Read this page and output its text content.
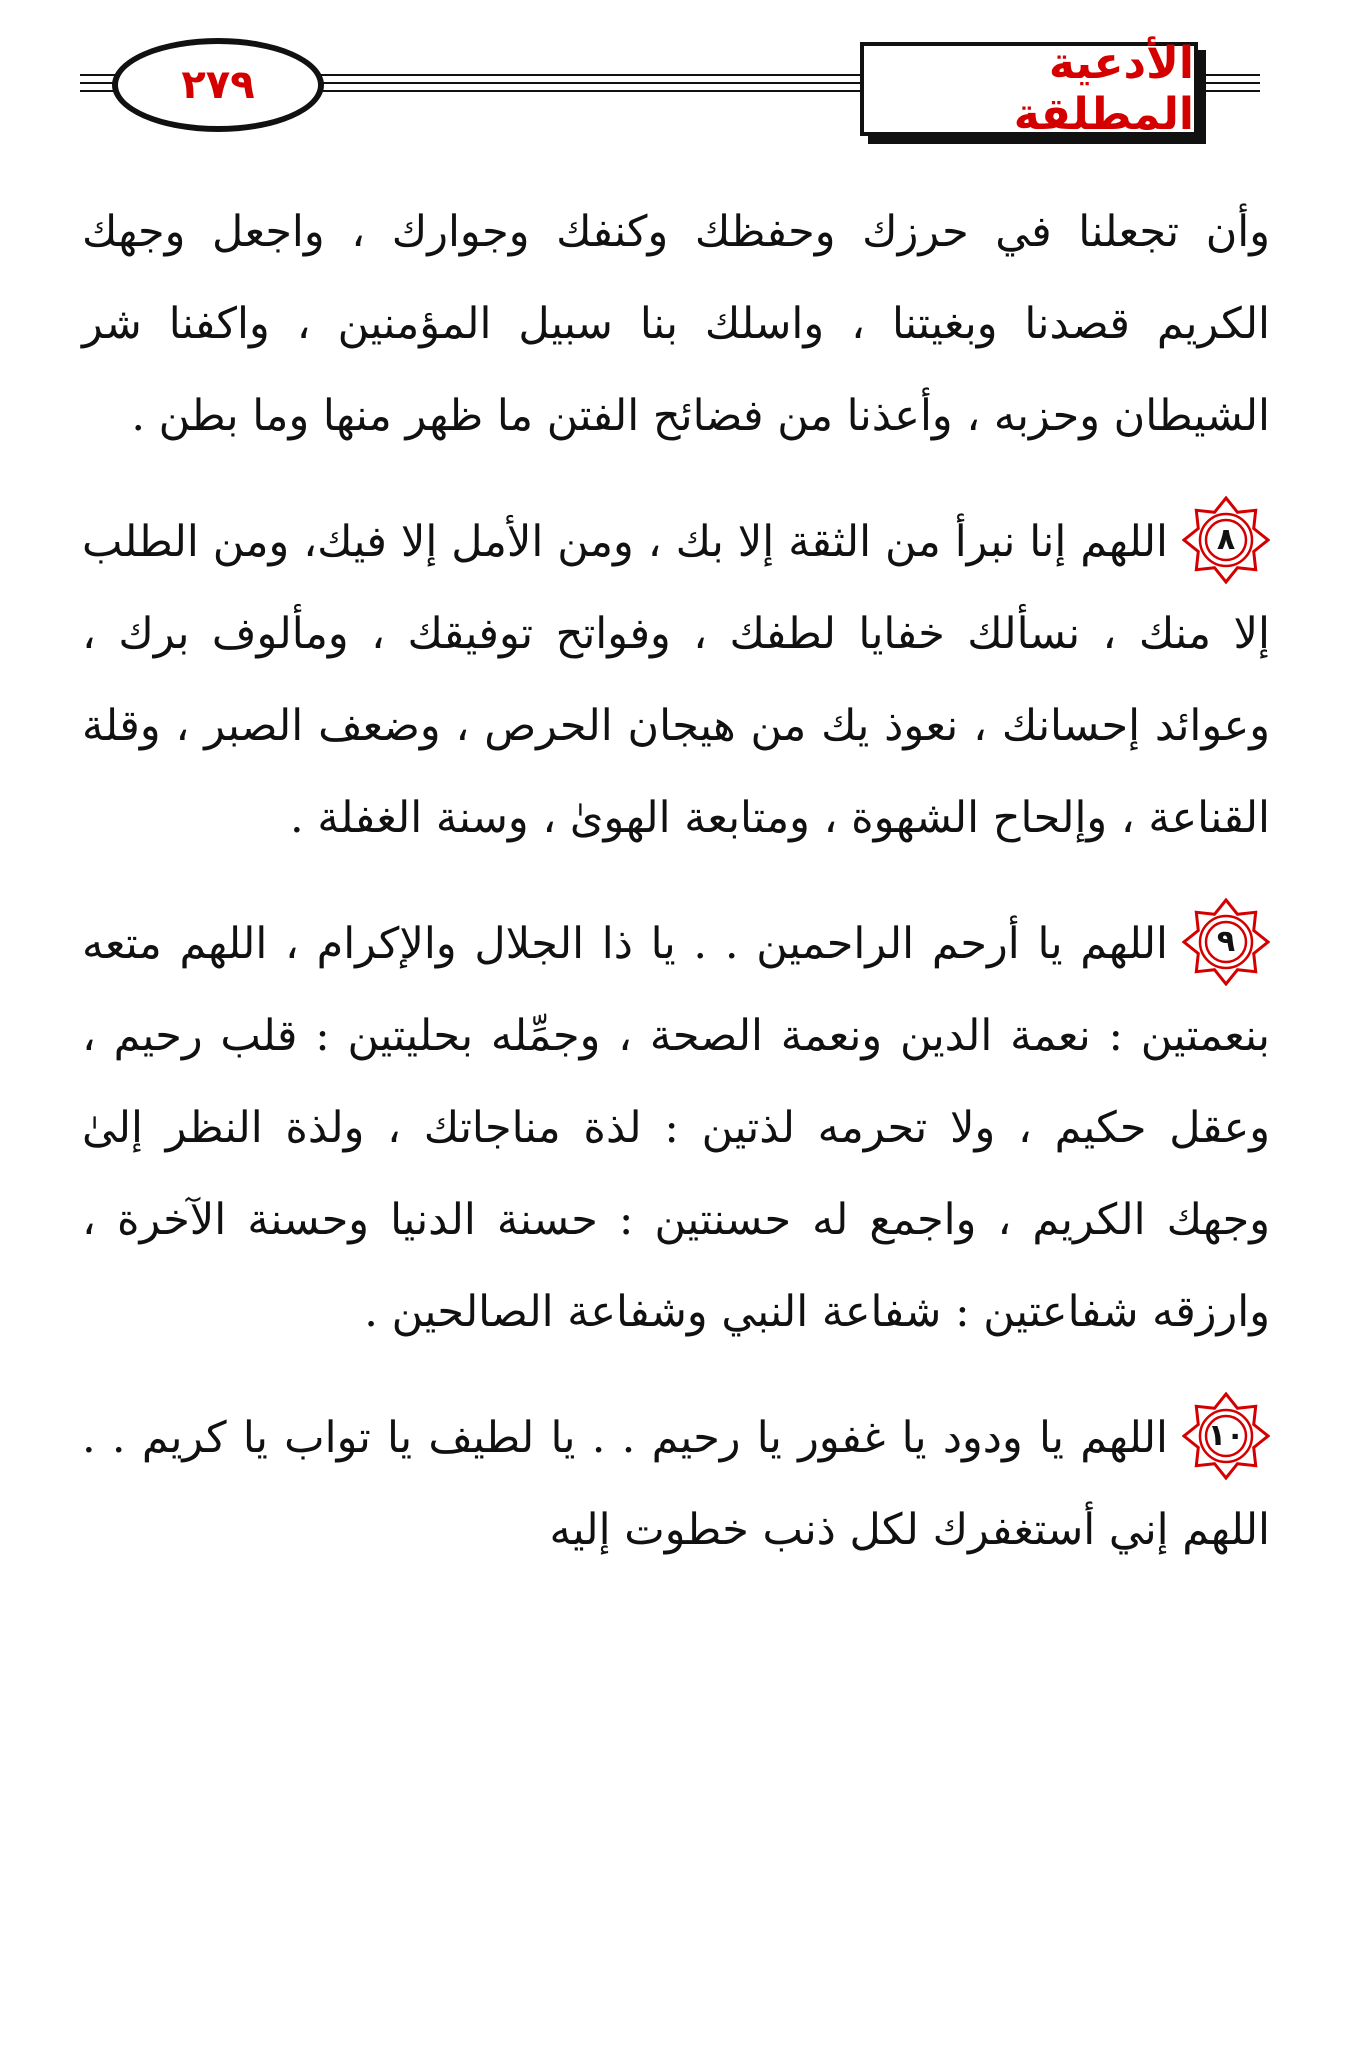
٢٧٩	الأدعية المطلقة

وأن تجعلنا في حرزك وحفظك وكنفك وجوارك ، واجعل وجهك الكريم قصدنا وبغيتنا ، واسلك بنا سبيل المؤمنين ، واكفنا شر الشيطان وحزبه ، وأعذنا من فضائح الفتن ما ظهر منها وما بطن .

٨
اللهم إنا نبرأ من الثقة إلا بك ، ومن الأمل إلا فيك، ومن الطلب إلا منك ، نسألك خفايا لطفك ، وفواتح توفيقك ، ومألوف برك ، وعوائد إحسانك ، نعوذ يك من هيجان الحرص ، وضعف الصبر ، وقلة القناعة ، وإلحاح الشهوة ، ومتابعة الهوىٰ ، وسنة الغفلة .

٩
اللهم يا أرحم الراحمين . . يا ذا الجلال والإكرام ، اللهم متعه بنعمتين : نعمة الدين ونعمة الصحة ، وجمِّله بحليتين : قلب رحيم ، وعقل حكيم ، ولا تحرمه لذتين : لذة مناجاتك ، ولذة النظر إلىٰ وجهك الكريم ، واجمع له حسنتين : حسنة الدنيا وحسنة الآخرة ، وارزقه شفاعتين : شفاعة النبي وشفاعة الصالحين .

١٠
اللهم يا ودود يا غفور يا رحيم . . يا لطيف يا تواب يا كريم . . اللهم إني أستغفرك لكل ذنب خطوت إليه
